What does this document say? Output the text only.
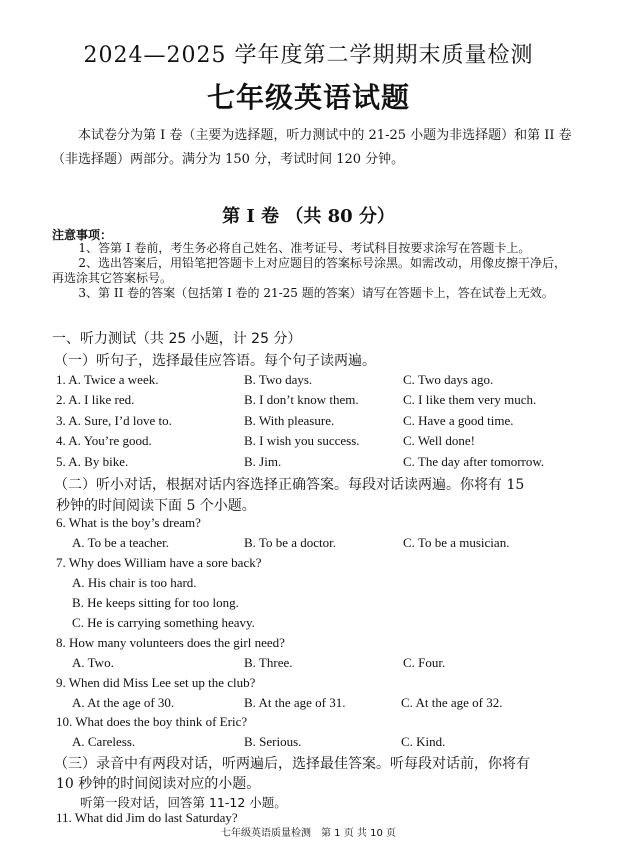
2024—2025 学年度第二学期期末质量检测
七年级英语试题
本试卷分为第 I 卷（主要为选择题，听力测试中的 21-25 小题为非选择题）和第 II 卷（非选择题）两部分。满分为 150 分，考试时间 120 分钟。
第 I 卷 （共 80 分）
注意事项：
1、答第 I 卷前，考生务必将自己姓名、准考证号、考试科目按要求涂写在答题卡上。
2、选出答案后，用铅笔把答题卡上对应题目的答案标号涂黑。如需改动，用像皮擦干净后，再选涂其它答案标号。
3、第 II 卷的答案（包括第 I 卷的 21-25 题的答案）请写在答题卡上，答在试卷上无效。
一、听力测试（共 25 小题，计 25 分）
（一）听句子，选择最佳应答语。每个句子读两遍。
1. A. Twice a week.	B. Two days.	C. Two days ago.
2. A. I like red.	B. I don’t know them.	C. I like them very much.
3. A. Sure, I’d love to.	B. With pleasure.	C. Have a good time.
4. A. You’re good.	B. I wish you success.	C. Well done!
5. A. By bike.	B. Jim.	C. The day after tomorrow.
（二）听小对话，根据对话内容选择正确答案。每段对话读两遍。你将有 15
秒钟的时间阅读下面 5 个小题。
6. What is the boy’s dream?
A. To be a teacher.	B. To be a doctor.	C. To be a musician.
7. Why does William have a sore back?
A. His chair is too hard.
B. He keeps sitting for too long.
C. He is carrying something heavy.
8. How many volunteers does the girl need?
A. Two.	B. Three.	C. Four.
9. When did Miss Lee set up the club?
A. At the age of 30.	B. At the age of 31.	C. At the age of 32.
10. What does the boy think of Eric?
A. Careless.	B. Serious.	C. Kind.
（三）录音中有两段对话，听两遍后，选择最佳答案。听每段对话前，你将有
10 秒钟的时间阅读对应的小题。
听第一段对话，回答第 11-12 小题。
11. What did Jim do last Saturday?
七年级英语质量检测　第 1 页 共 10 页
